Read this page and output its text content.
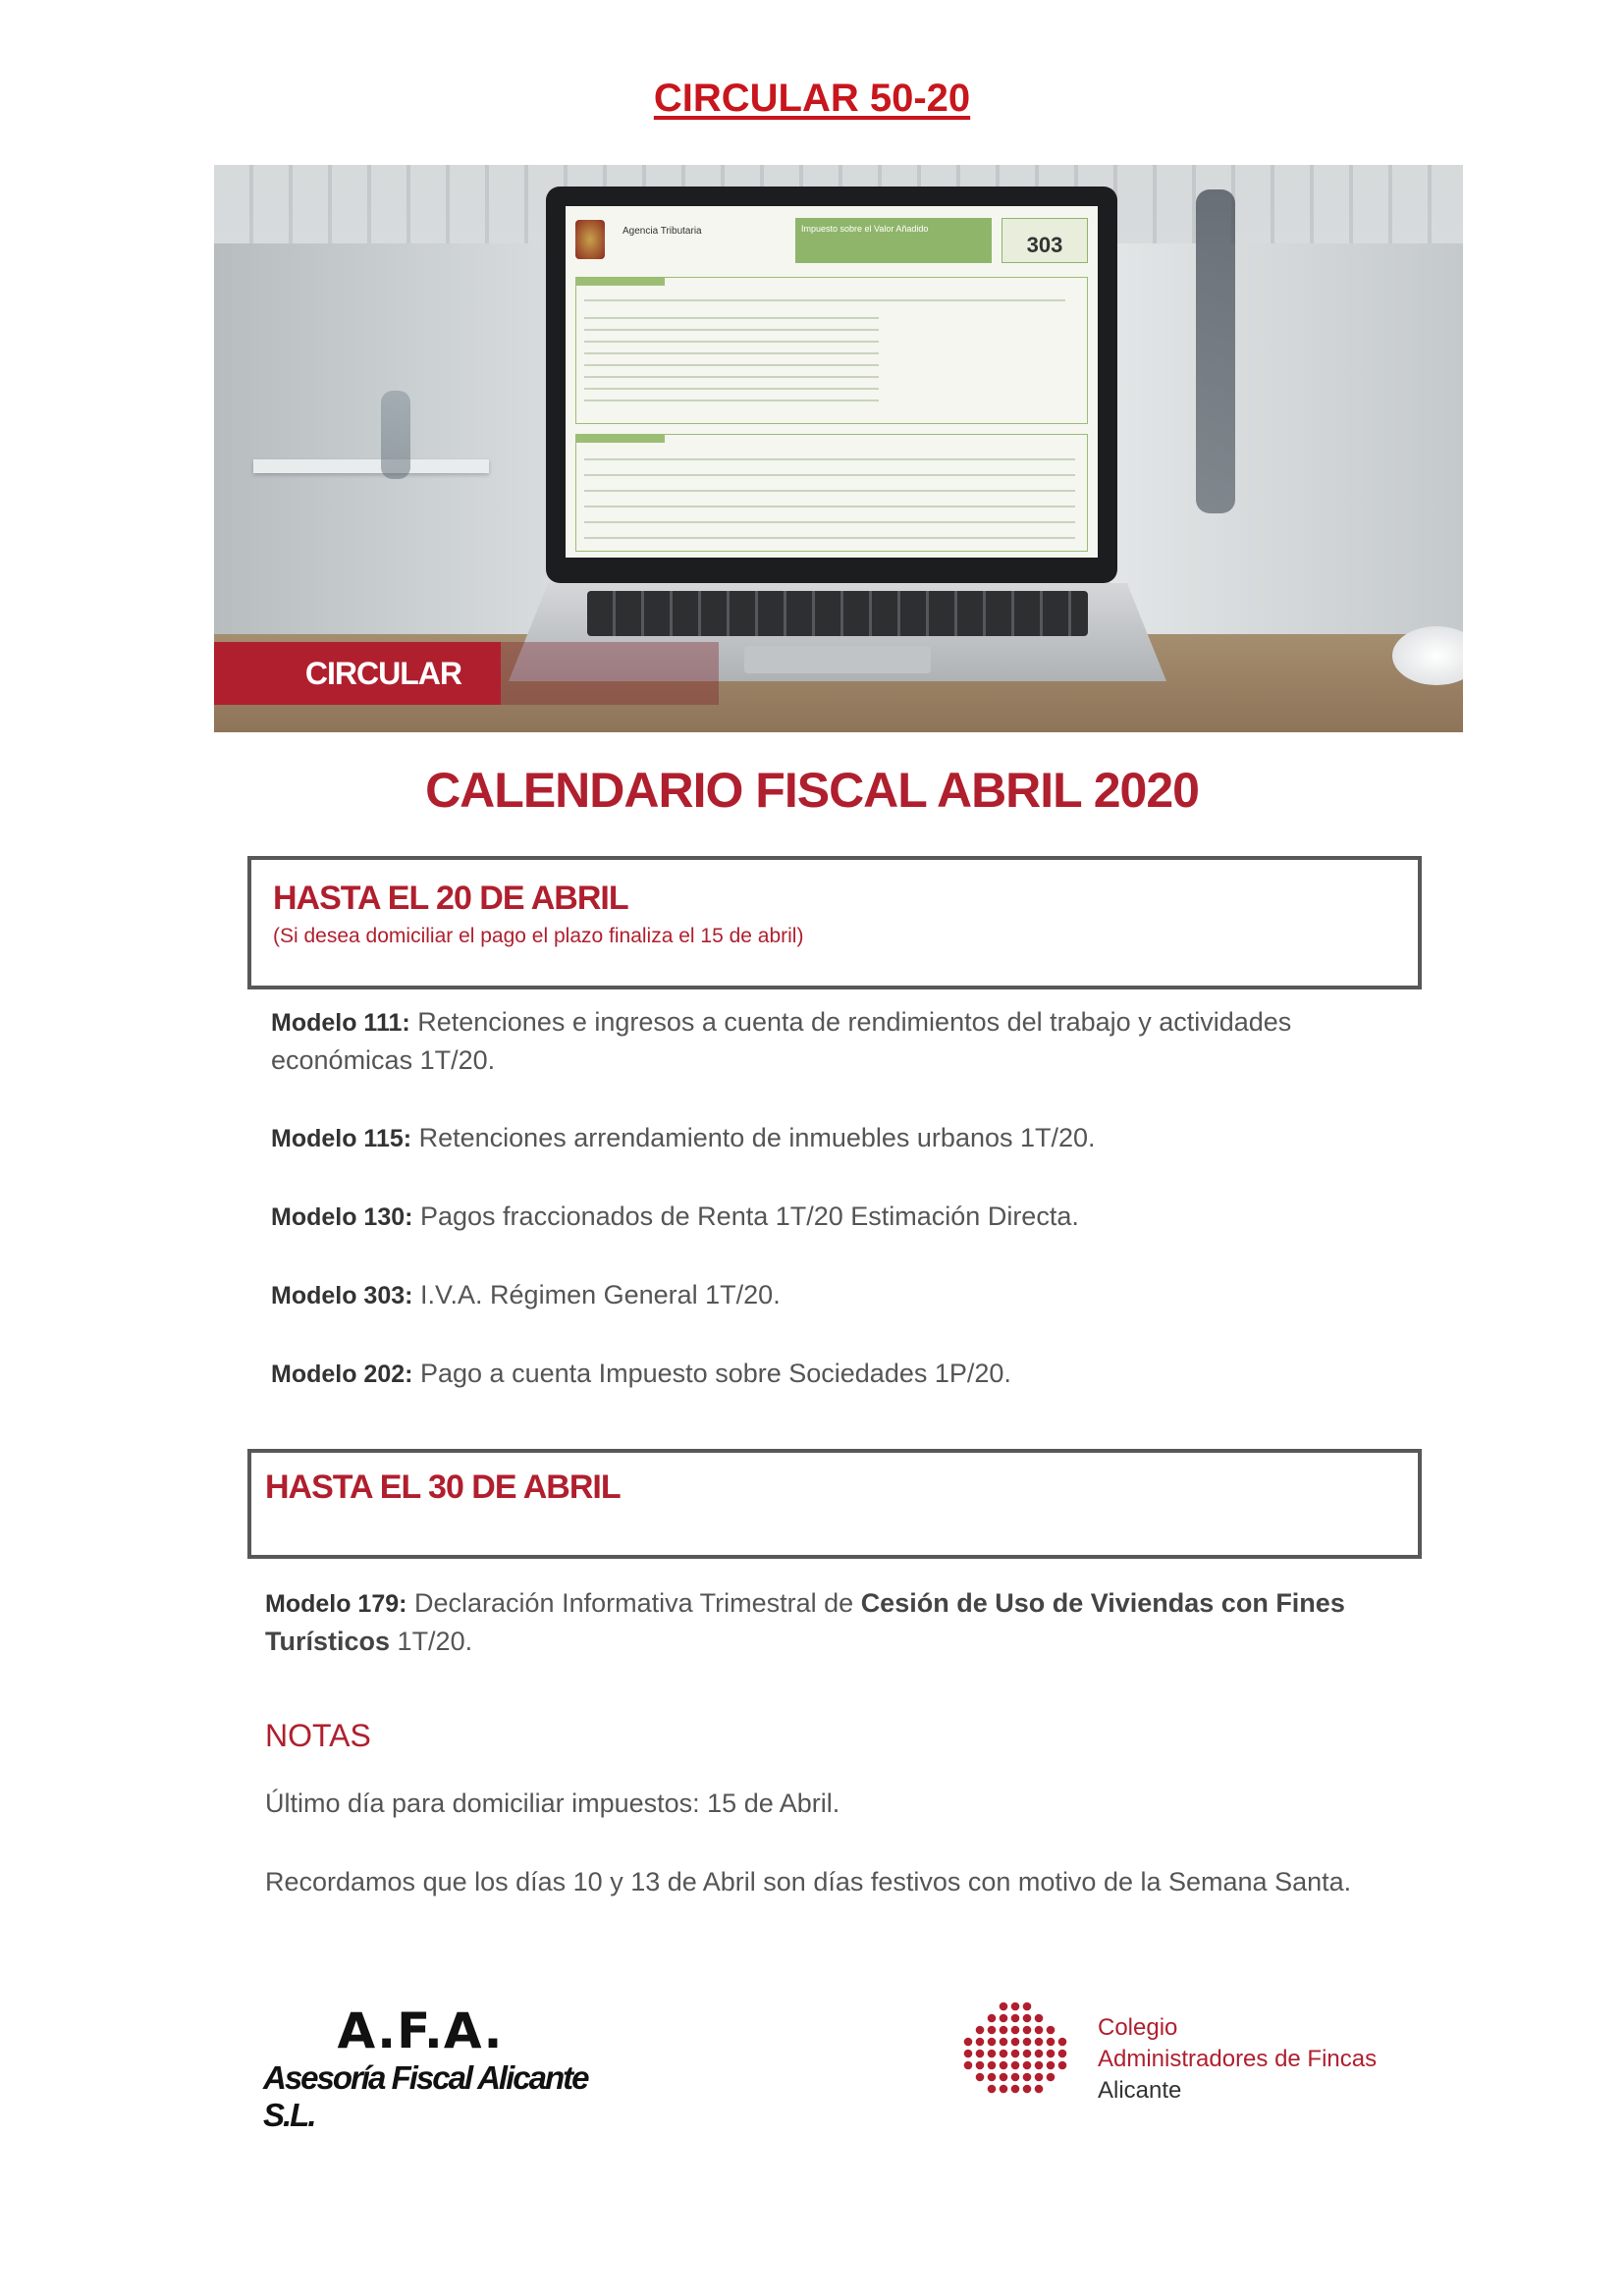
CIRCULAR 50-20
Agencia Tributaria	Impuesto sobre el Valor Añadido
303
CIRCULAR
CALENDARIO FISCAL ABRIL 2020
HASTA EL 20 DE ABRIL
(Si desea domiciliar el pago el plazo finaliza el 15 de abril)
Modelo 111: Retenciones e ingresos a cuenta de rendimientos del trabajo y actividades económicas 1T/20.
Modelo 115: Retenciones arrendamiento de inmuebles urbanos 1T/20.
Modelo 130: Pagos fraccionados de Renta 1T/20 Estimación Directa.
Modelo 303: I.V.A. Régimen General 1T/20.
Modelo 202: Pago a cuenta Impuesto sobre Sociedades 1P/20.
HASTA EL 30 DE ABRIL
Modelo 179: Declaración Informativa Trimestral de Cesión de Uso de Viviendas con Fines Turísticos 1T/20.
NOTAS
Último día para domiciliar impuestos: 15 de Abril.
Recordamos que los días 10 y 13 de Abril son días festivos con motivo de la Semana Santa.
A.F.A.
Asesoría Fiscal Alicante S.L.
Colegio
Administradores de Fincas
Alicante
